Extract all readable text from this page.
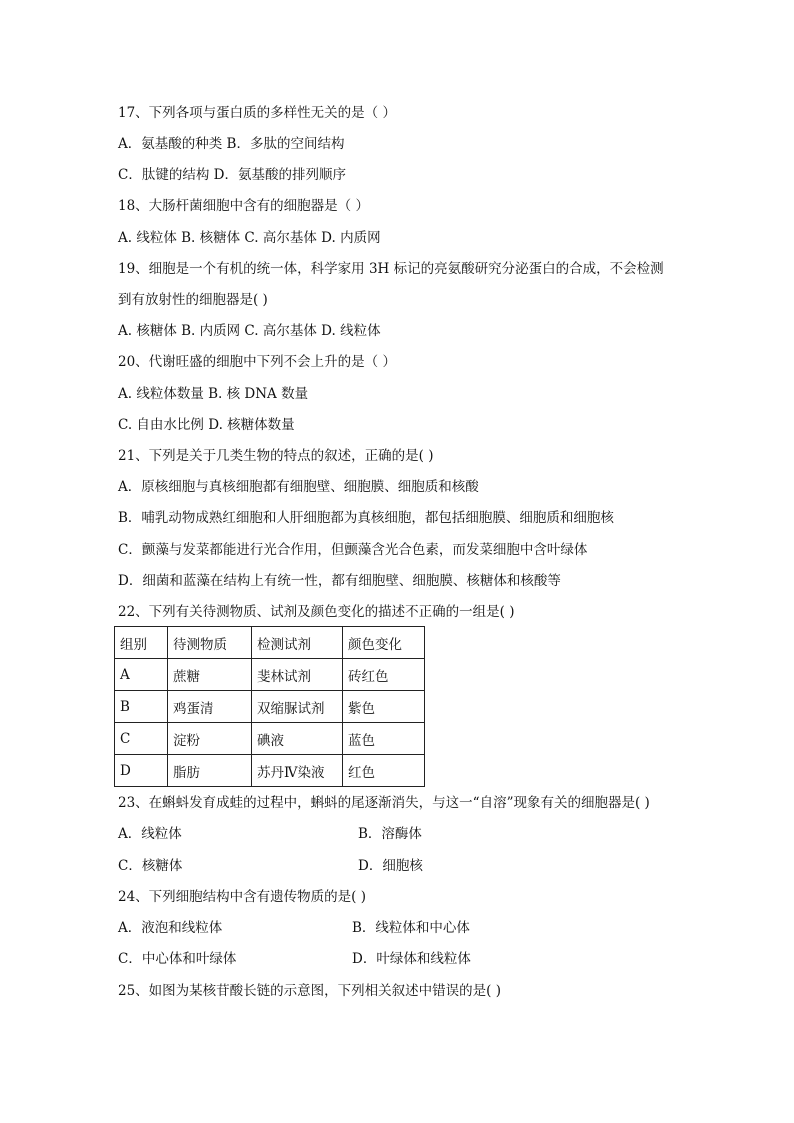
17、下列各项与蛋白质的多样性无关的是（ ）
A．氨基酸的种类 B．多肽的空间结构
C．肽键的结构 D．氨基酸的排列顺序
18、大肠杆菌细胞中含有的细胞器是（ ）
A. 线粒体 B. 核糖体 C. 高尔基体 D. 内质网
19、细胞是一个有机的统一体，科学家用 3H 标记的亮氨酸研究分泌蛋白的合成，不会检测
到有放射性的细胞器是( )
A. 核糖体 B. 内质网 C. 高尔基体 D. 线粒体
20、代谢旺盛的细胞中下列不会上升的是（ ）
A. 线粒体数量 B. 核 DNA 数量
C. 自由水比例 D. 核糖体数量
21、下列是关于几类生物的特点的叙述，正确的是( )
A．原核细胞与真核细胞都有细胞壁、细胞膜、细胞质和核酸
B．哺乳动物成熟红细胞和人肝细胞都为真核细胞，都包括细胞膜、细胞质和细胞核
C．颤藻与发菜都能进行光合作用，但颤藻含光合色素，而发菜细胞中含叶绿体
D．细菌和蓝藻在结构上有统一性，都有细胞壁、细胞膜、核糖体和核酸等
22、下列有关待测物质、试剂及颜色变化的描述不正确的一组是( )
组别	待测物质	检测试剂	颜色变化
A	蔗糖	斐林试剂	砖红色
B	鸡蛋清	双缩脲试剂	紫色
C	淀粉	碘液	蓝色
D	脂肪	苏丹Ⅳ染液	红色
23、在蝌蚪发育成蛙的过程中，蝌蚪的尾逐渐消失，与这一“自溶”现象有关的细胞器是( )
A．线粒体	B．溶酶体
C．核糖体	D．细胞核
24、下列细胞结构中含有遗传物质的是( )
A．液泡和线粒体	B．线粒体和中心体
C．中心体和叶绿体	D．叶绿体和线粒体
25、如图为某核苷酸长链的示意图，下列相关叙述中错误的是( )
